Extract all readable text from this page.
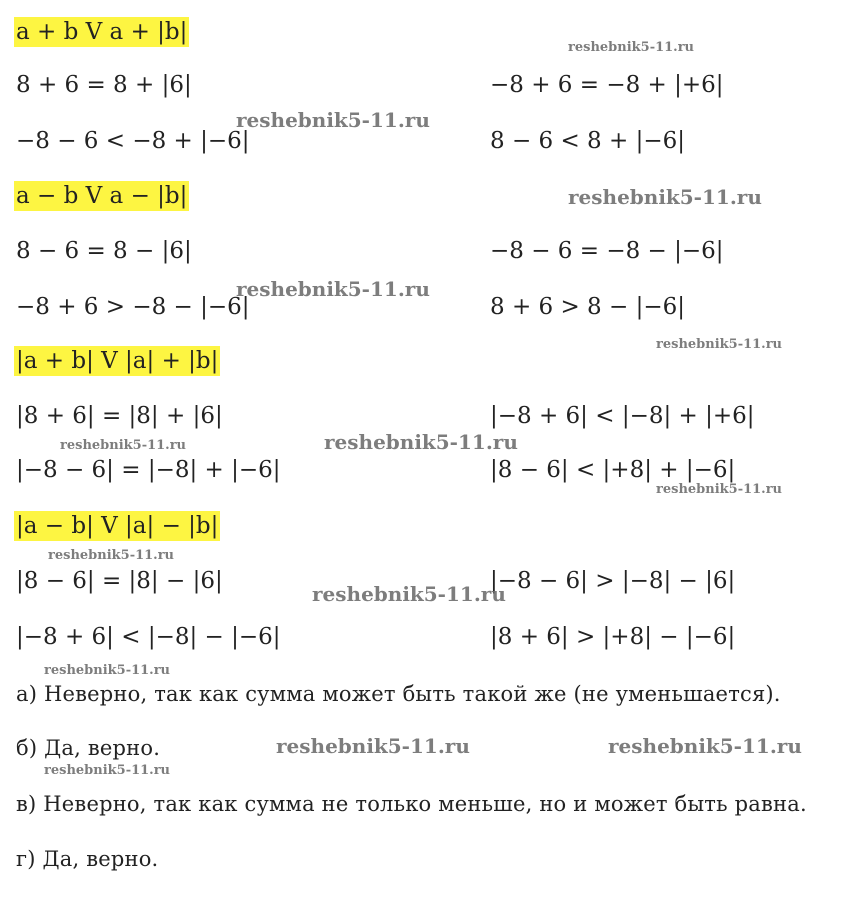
a + b V a + |b|
a − b V a − |b|
|a + b| V |a| + |b|
|a − b| V |a| − |b|
8 + 6 = 8 + |6|
−8 − 6 < −8 + |−6|
8 − 6 = 8 − |6|
−8 + 6 > −8 − |−6|
|8 + 6| = |8| + |6|
|−8 − 6| = |−8| + |−6|
|8 − 6| = |8| − |6|
|−8 + 6| < |−8| − |−6|
−8 + 6 = −8 + |+6|
8 − 6 < 8 + |−6|
−8 − 6 = −8 − |−6|
8 + 6 > 8 − |−6|
|−8 + 6| < |−8| + |+6|
|8 − 6| < |+8| + |−6|
|−8 − 6| > |−8| − |6|
|8 + 6| > |+8| − |−6|
а) Неверно, так как сумма может быть такой же (не уменьшается).
б) Да, верно.
в) Неверно, так как сумма не только меньше, но и может быть равна.
г) Да, верно.
reshebnik5-11.ru
reshebnik5-11.ru
reshebnik5-11.ru
reshebnik5-11.ru
reshebnik5-11.ru
reshebnik5-11.ru	reshebnik5-11.ru
reshebnik5-11.ru
reshebnik5-11.ru
reshebnik5-11.ru
reshebnik5-11.ru
reshebnik5-11.ru	reshebnik5-11.ru
reshebnik5-11.ru
